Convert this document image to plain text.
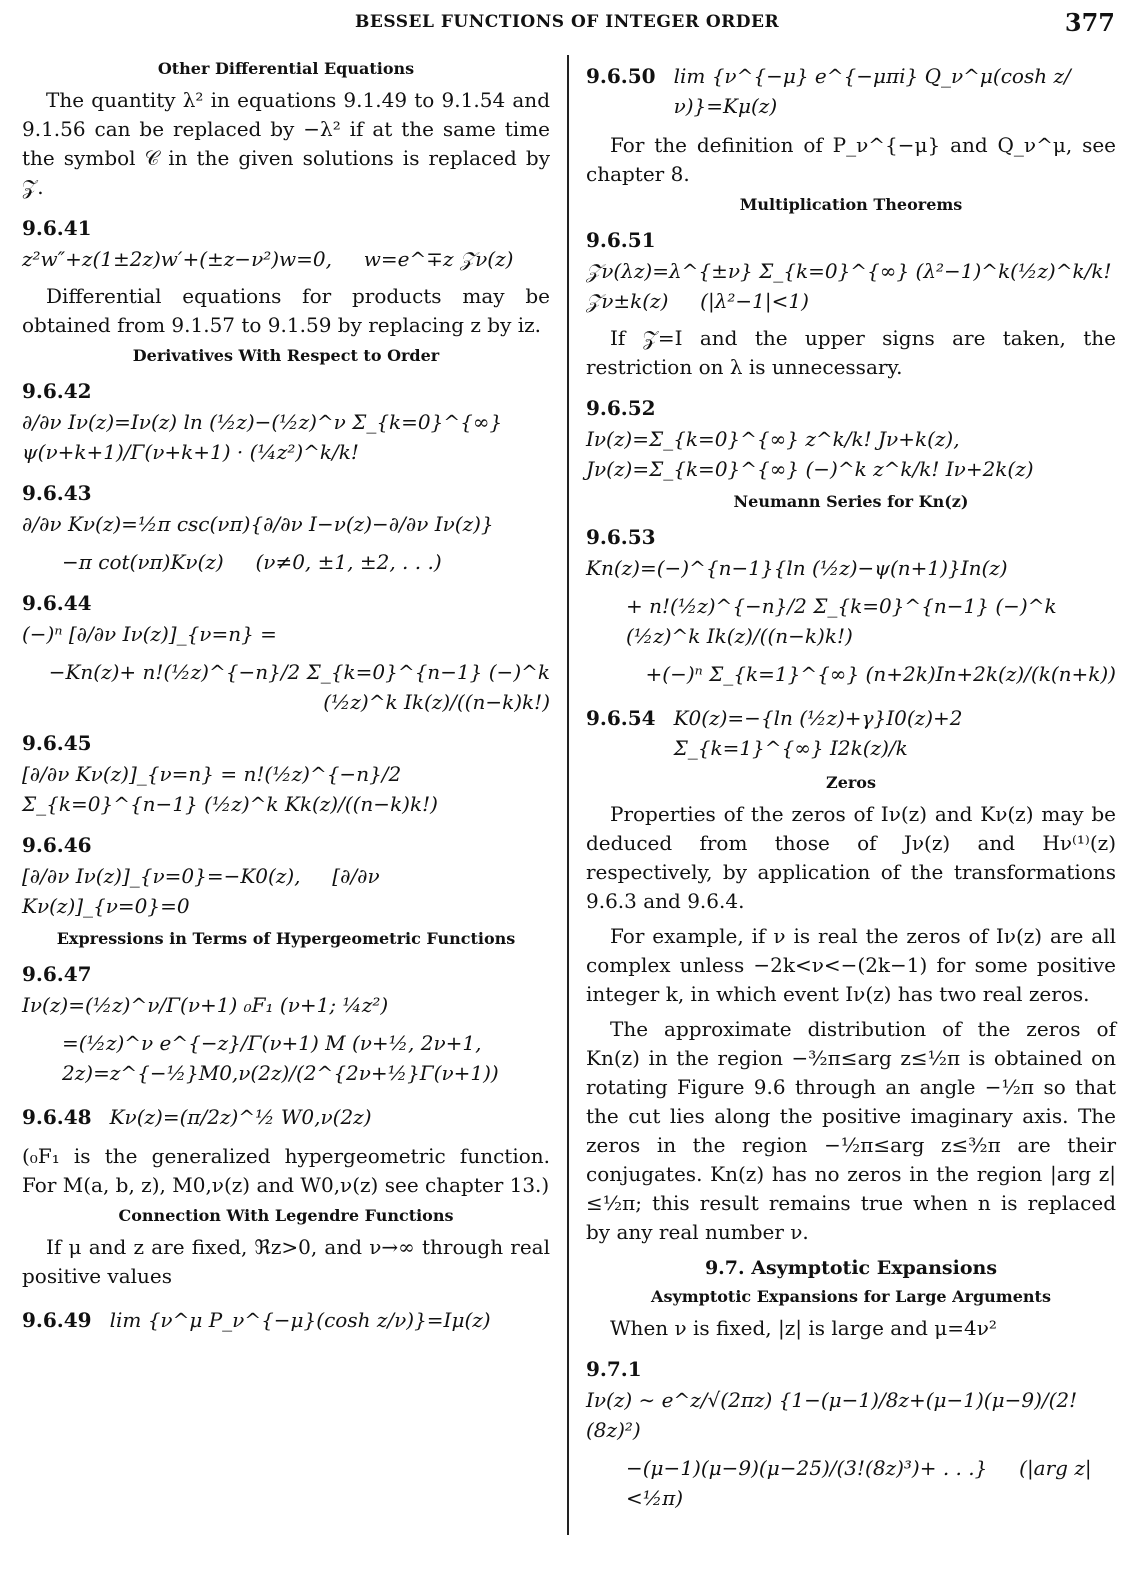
BESSEL FUNCTIONS OF INTEGER ORDER	377
Other Differential Equations

The quantity λ² in equations 9.1.49 to 9.1.54 and 9.1.56 can be replaced by −λ² if at the same time the symbol 𝒞 in the given solutions is replaced by 𝒵.

9.6.41
z²w″+z(1±2z)w′+(±z−ν²)w=0,     w=e^∓z 𝒵ν(z)

Differential equations for products may be obtained from 9.1.57 to 9.1.59 by replacing z by iz.

Derivatives With Respect to Order
9.6.42
∂/∂ν Iν(z)=Iν(z) ln (½z)−(½z)^ν Σ_{k=0}^{∞} ψ(ν+k+1)/Γ(ν+k+1) · (¼z²)^k/k!
9.6.43
∂/∂ν Kν(z)=½π csc(νπ){∂/∂ν I−ν(z)−∂/∂ν Iν(z)}
−π cot(νπ)Kν(z)     (ν≠0, ±1, ±2, . . .)
9.6.44
(−)ⁿ [∂/∂ν Iν(z)]_{ν=n} =
−Kn(z)+ n!(½z)^{−n}/2 Σ_{k=0}^{n−1} (−)^k (½z)^k Ik(z)/((n−k)k!)
9.6.45
[∂/∂ν Kν(z)]_{ν=n} = n!(½z)^{−n}/2 Σ_{k=0}^{n−1} (½z)^k Kk(z)/((n−k)k!)
9.6.46
[∂/∂ν Iν(z)]_{ν=0}=−K0(z),     [∂/∂ν Kν(z)]_{ν=0}=0
Expressions in Terms of Hypergeometric Functions
9.6.47
Iν(z)=(½z)^ν/Γ(ν+1) ₀F₁ (ν+1; ¼z²)
=(½z)^ν e^{−z}/Γ(ν+1) M (ν+½, 2ν+1, 2z)=z^{−½}M0,ν(2z)/(2^{2ν+½}Γ(ν+1))
9.6.48 Kν(z)=(π/2z)^½ W0,ν(2z)

(₀F₁ is the generalized hypergeometric function. For M(a, b, z), M0,ν(z) and W0,ν(z) see chapter 13.)

Connection With Legendre Functions

If μ and z are fixed, ℜz>0, and ν→∞ through real positive values

9.6.49 lim {ν^μ P_ν^{−μ}(cosh z/ν)}=Iμ(z)
9.6.50 lim {ν^{−μ} e^{−μπi} Q_ν^μ(cosh z/ν)}=Kμ(z)

For the definition of P_ν^{−μ} and Q_ν^μ, see chapter 8.

Multiplication Theorems
9.6.51
𝒵ν(λz)=λ^{±ν} Σ_{k=0}^{∞} (λ²−1)^k(½z)^k/k! 𝒵ν±k(z)     (|λ²−1|<1)

If 𝒵=I and the upper signs are taken, the restriction on λ is unnecessary.

9.6.52
Iν(z)=Σ_{k=0}^{∞} z^k/k! Jν+k(z),     Jν(z)=Σ_{k=0}^{∞} (−)^k z^k/k! Iν+2k(z)
Neumann Series for Kn(z)
9.6.53
Kn(z)=(−)^{n−1}{ln (½z)−ψ(n+1)}In(z)
+ n!(½z)^{−n}/2 Σ_{k=0}^{n−1} (−)^k (½z)^k Ik(z)/((n−k)k!)
+(−)ⁿ Σ_{k=1}^{∞} (n+2k)In+2k(z)/(k(n+k))
9.6.54 K0(z)=−{ln (½z)+γ}I0(z)+2 Σ_{k=1}^{∞} I2k(z)/k
Zeros

Properties of the zeros of Iν(z) and Kν(z) may be deduced from those of Jν(z) and Hν⁽¹⁾(z) respectively, by application of the transformations 9.6.3 and 9.6.4.

For example, if ν is real the zeros of Iν(z) are all complex unless −2k<ν<−(2k−1) for some positive integer k, in which event Iν(z) has two real zeros.

The approximate distribution of the zeros of Kn(z) in the region −³⁄₂π≤arg z≤½π is obtained on rotating Figure 9.6 through an angle −½π so that the cut lies along the positive imaginary axis. The zeros in the region −½π≤arg z≤³⁄₂π are their conjugates. Kn(z) has no zeros in the region |arg z|≤½π; this result remains true when n is replaced by any real number ν.

9.7. Asymptotic Expansions
Asymptotic Expansions for Large Arguments

When ν is fixed, |z| is large and μ=4ν²

9.7.1
Iν(z) ∼ e^z/√(2πz) {1−(μ−1)/8z+(μ−1)(μ−9)/(2!(8z)²)
−(μ−1)(μ−9)(μ−25)/(3!(8z)³)+ . . .}     (|arg z|<½π)
